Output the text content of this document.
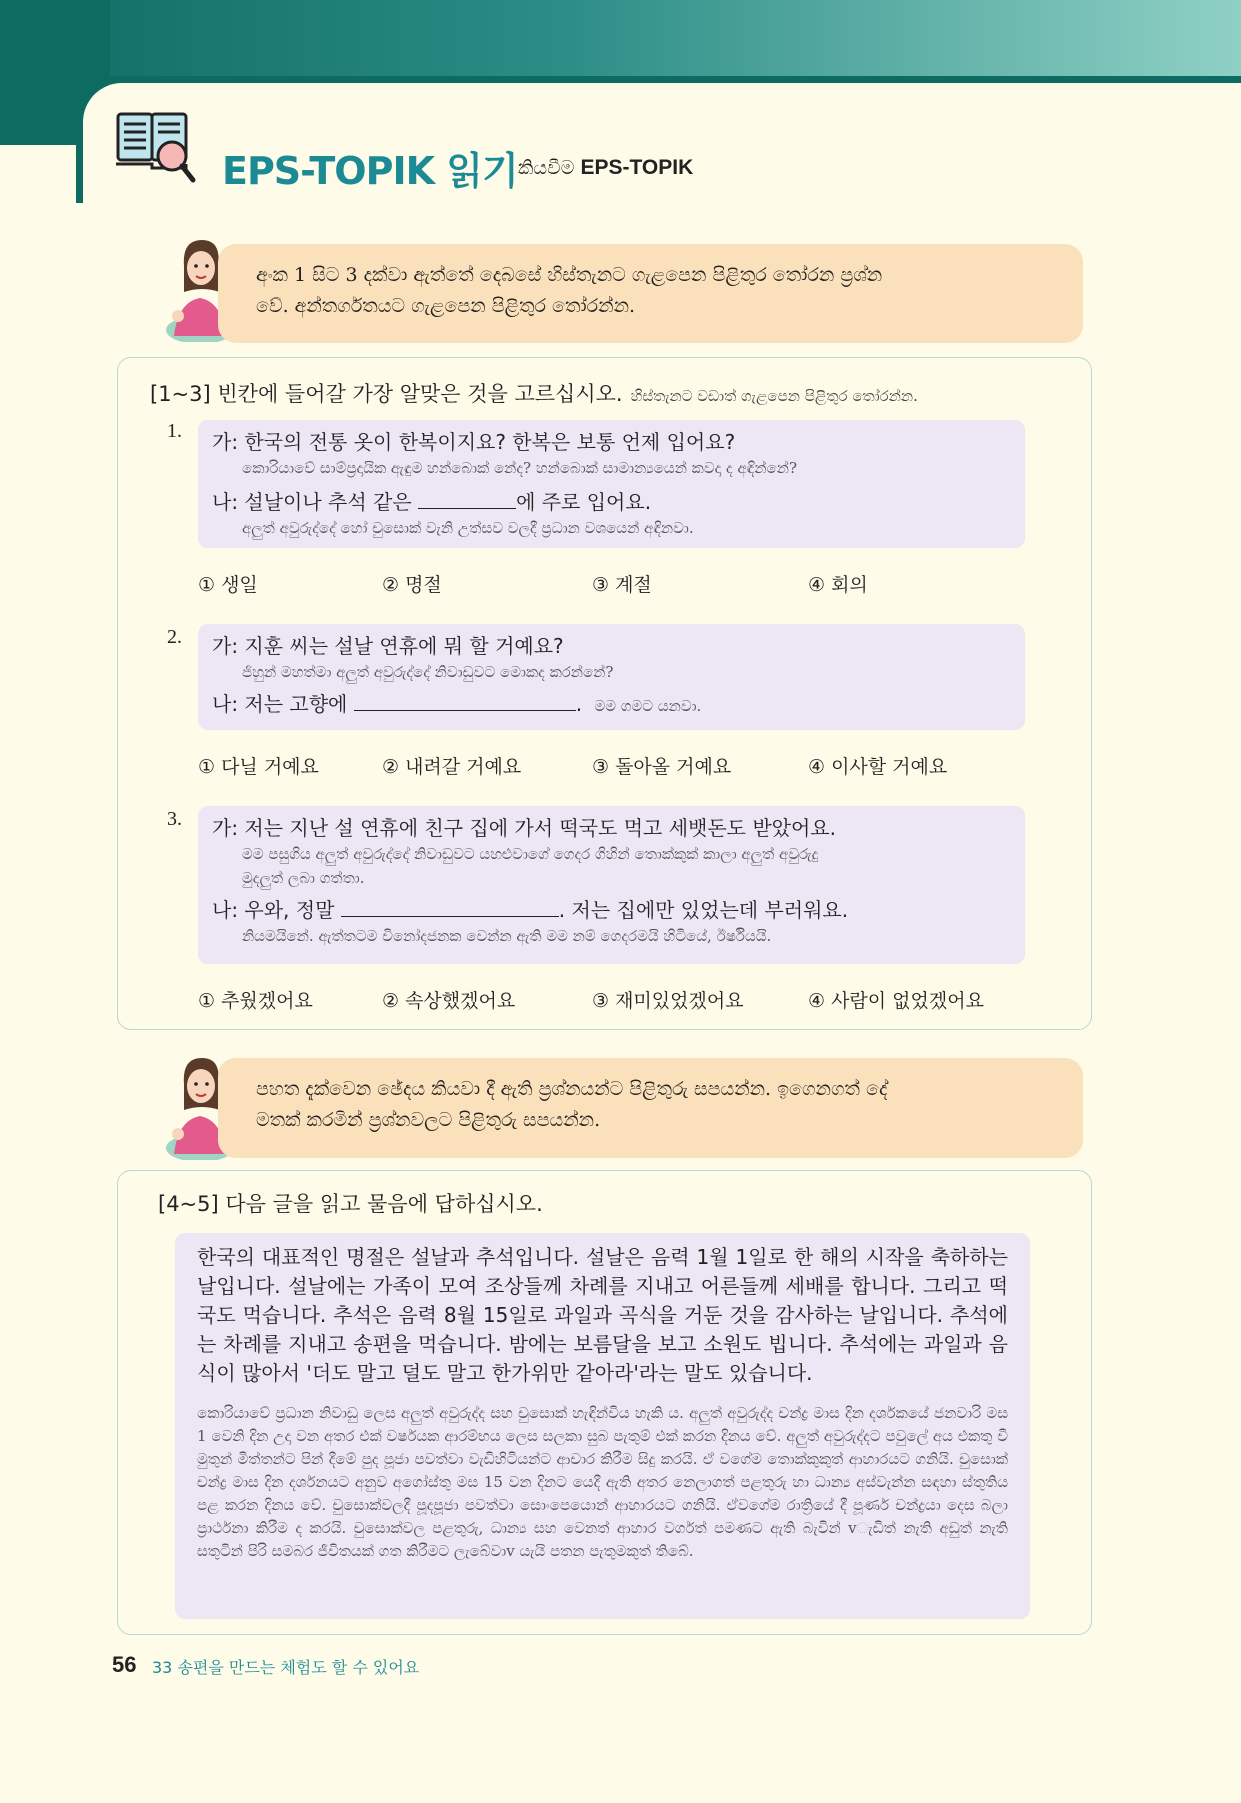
EPS-TOPIK 읽기 කියවීම EPS-TOPIK
අංක 1 සිට 3 දක්වා ඇත්තේ දෙබසේ හිස්තැනට ගැළපෙන පිළිතුර තෝරන ප්‍රශ්න
වේ. අන්තර්ගතයට ගැළපෙන පිළිතුර තෝරන්න.
[1~3] 빈칸에 들어갈 가장 알맞은 것을 고르십시오. හිස්තැනට වඩාත් ගැළපෙන පිළිතුර තෝරන්න.
1. 가: 한국의 전통 옷이 한복이지요? 한복은 보통 언제 입어요?
කොරියාවේ සාම්ප්‍රදායික ඇඳුම හන්බොක් නේද? හන්බොක් සාමාන්‍යයෙන් කවදා ද අඳින්නේ?
나: 설날이나 추석 같은	에 주로 입어요.
අලුත් අවුරුද්දේ හෝ චුසොක් වැනි උත්සව වලදී ප්‍රධාන වශයෙන් අඳිනවා.
① 생일	② 명절	③ 계절	④ 회의
2. 가: 지훈 씨는 설날 연휴에 뭐 할 거예요?
ජිහුන් මහත්මා අලුත් අවුරුද්දේ නිවාඩුවට මොකද කරන්නේ?
나: 저는 고향에	. මම ගමට යනවා.
① 다닐 거예요	② 내려갈 거예요	③ 돌아올 거예요	④ 이사할 거예요
3. 가: 저는 지난 설 연휴에 친구 집에 가서 떡국도 먹고 세뱃돈도 받았어요.
මම පසුගිය අලුත් අවුරුද්දේ නිවාඩුවට යහළුවාගේ ගෙදර ගිහින් තොක්කුක් කාලා අලුත් අවුරුදු
මුදලුත් ලබා ගත්තා.
나: 우와, 정말	. 저는 집에만 있었는데 부러워요.
නියමයිනේ. ඇත්තටම විනෝදජනක වෙන්න ඇති මම නම් ගෙදරමයි හිටියේ, ඊර්ෂියයි.
① 추웠겠어요	② 속상했겠어요	③ 재미있었겠어요	④ 사람이 없었겠어요
පහත දැක්වෙන ඡේදය කියවා දී ඇති ප්‍රශ්නයන්ට පිළිතුරු සපයන්න. ඉගෙනගත් දේ
මතක් කරමින් ප්‍රශ්නවලට පිළිතුරු සපයන්න.
[4~5] 다음 글을 읽고 물음에 답하십시오.

한국의 대표적인 명절은 설날과 추석입니다. 설날은 음력 1월 1일로 한 해의 시작을 축하하는 날입니다. 설날에는 가족이 모여 조상들께 차례를 지내고 어른들께 세배를 합니다. 그리고 떡국도 먹습니다. 추석은 음력 8월 15일로 과일과 곡식을 거둔 것을 감사하는 날입니다. 추석에는 차례를 지내고 송편을 먹습니다. 밤에는 보름달을 보고 소원도 빕니다. 추석에는 과일과 음식이 많아서 '더도 말고 덜도 말고 한가위만 같아라'라는 말도 있습니다.

කොරියාවේ ප්‍රධාන නිවාඩු ලෙස අලුත් අවුරුද්ද සහ චුසොක් හැඳින්විය හැකි ය. අලුත් අවුරුද්ද චන්ද්‍ර මාස දින දර්ශකයේ ජනවාරි මස 1 වෙනි දින උදා වන අතර එක් වර්ෂයක ආරම්භය ලෙස සලකා සුබ පැතුම් එක් කරන දිනය වේ. අලුත් අවුරුද්දට පවුලේ අය එකතු වී මුතුන් මිත්තන්ට පින් දීමේ පුද පූජා පවත්වා වැඩිහිටියන්ට ආචාර කිරීම සිදු කරයි. ඒ වගේම තොක්කුකුත් ආහාරයට ගනියි. චුසොක් චන්ද්‍ර මාස දින දර්ශනයට අනුව අගෝස්තු මස 15 වන දිනට යෙදී ඇති අතර නෙලාගත් පළතුරු හා ධාන්‍ය අස්වැන්න සඳහා ස්තුතිය පළ කරන දිනය වේ. චුසොක්වලදී පූදපූජා පවත්වා සොංපෙයොන් ආහාරයට ගනියි. ඒවගේම රාත්‍රියේ දී පූර්ණ චන්ද්‍රයා දෙස බලා ප්‍රාර්ථනා කිරීම ද කරයි. චුසොක්වල පළතුරු, ධාන්‍ය සහ වෙනත් ආහාර වර්ගත් පමණට ඇති බැවින් vැඩිත් නැති අඩුත් නැති සතුටින් පිරි සමබර ජීවිතයක් ගත කිරීමට ලැබේවාv යැයි පතන පැතුමකුත් තිබේ.

56 33 송편을 만드는 체험도 할 수 있어요
